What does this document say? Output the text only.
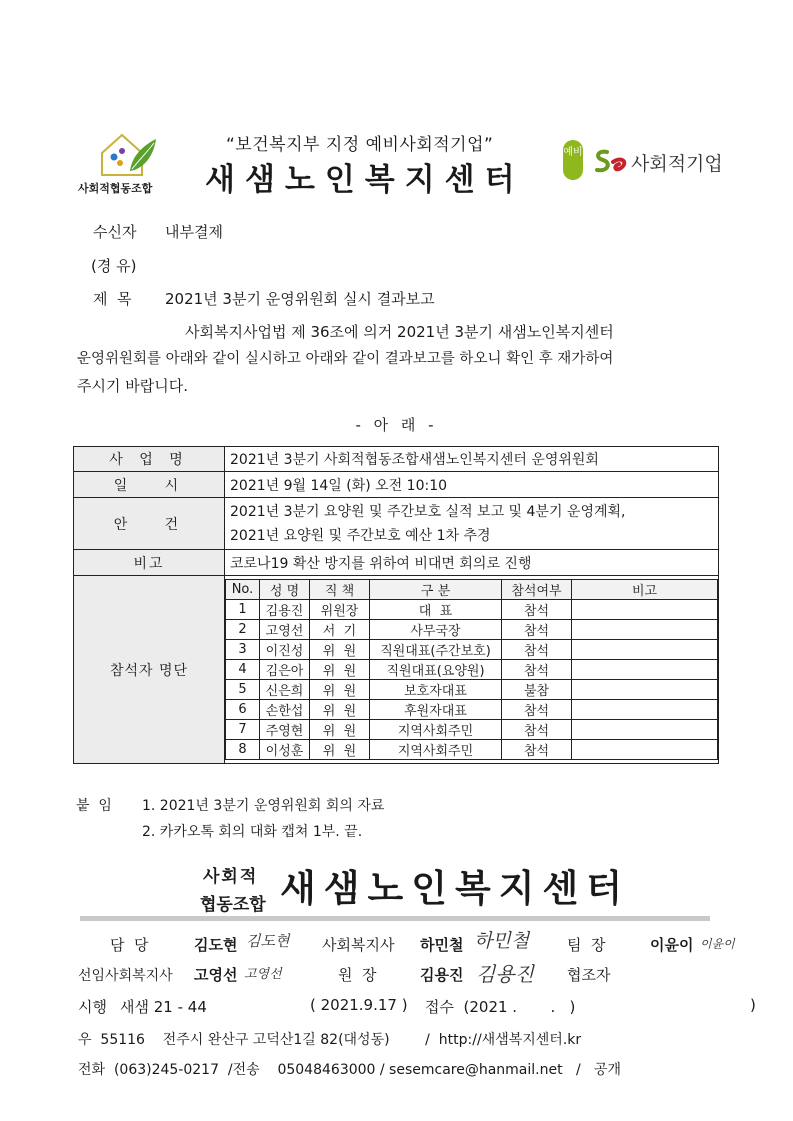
사회적협동조합
“보건복지부 지정 예비사회적기업”
새샘노인복지센터
예비
사회적기업
수신자 내부결제
(경 유)
제  목 2021년 3분기 운영위원회 실시 결과보고
사회복지사업법 제 36조에 의거 2021년 3분기 새샘노인복지센터
운영위원회를 아래와 같이 실시하고 아래와 같이 결과보고를 하오니 확인 후 재가하여
주시기 바랍니다.
- 아 래 -
사 업 명	2021년 3분기 사회적협동조합새샘노인복지센터 운영위원회
일   시	2021년 9월 14일 (화) 오전 10:10
안   건	
2021년 3분기 요양원 및 주간보호 실적 보고 및 4분기 운영계획,
2021년 요양원 및 주간보호 예산 1차 추경

비고	코로나19 확산 방지를 위하여 비대면 회의로 진행
참석자 명단	
No.	성 명	직 책	구 분	참석여부	비고
1	김용진	위원장	대  표	참석	
2	고영선	서  기	사무국장	참석	
3	이진성	위  원	직원대표(주간보호)	참석	
4	김은아	위  원	직원대표(요양원)	참석	
5	신은희	위  원	보호자대표	불참	
6	손한섭	위  원	후원자대표	참석	
7	주영현	위  원	지역사회주민	참석	
8	이성훈	위  원	지역사회주민	참석	
붙  임 1. 2021년 3분기 운영위원회 회의 자료
2. 카카오톡 회의 대화 캡쳐 1부. 끝.
사회적
협동조합 새샘노인복지센터
담  당	김도현 김도현 사회복지사 하민철 하민철	팀  장	이윤이 이윤이
선임사회복지사 고영선 고영선	원  장	김용진 김용진 협조자
시행 새샘 21 - 44	( 2021.9.17 ) 접수  (2021 .       .   )	)
우  55116    전주시 완산구 고덕산1길 82(대성동)        /  http://새샘복지센터.kr
전화  (063)245-0217  /전송    05048463000 / sesemcare@hanmail.net   /   공개
